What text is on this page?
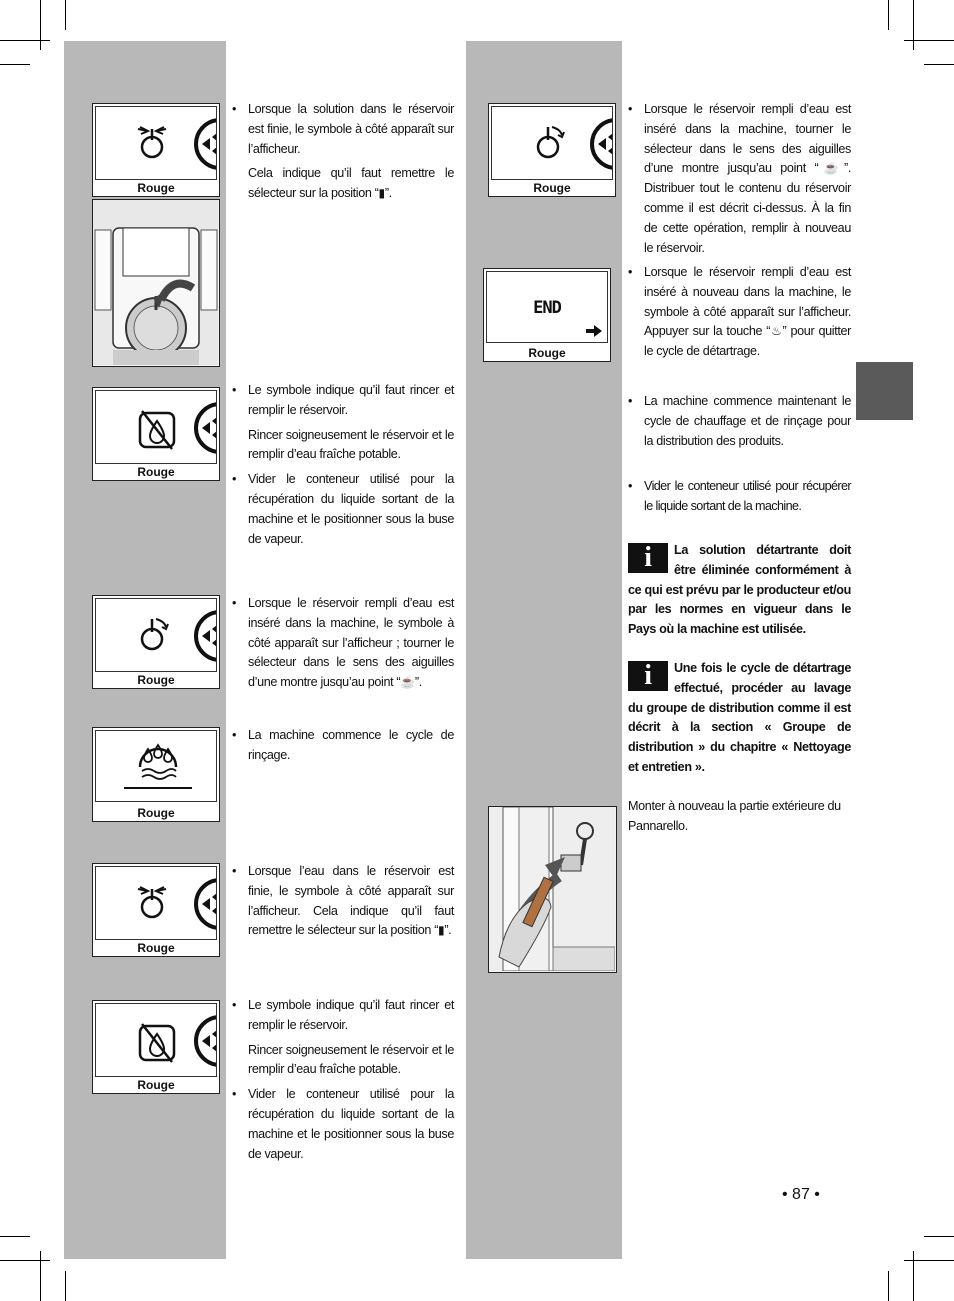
Rouge
• Lorsque la solution dans le réservoir est finie, le symbole à côté apparaît sur l’afficheur.

Cela indique qu’il faut remettre le sélecteur sur la position “▮”.

Rouge
• Le symbole indique qu’il faut rincer et remplir le réservoir.

Rincer soigneusement le réservoir et le remplir d’eau fraîche potable.

• Vider le conteneur utilisé pour la récupération du liquide sortant de la machine et le positionner sous la buse de vapeur.
Rouge
• Lorsque le réservoir rempli d’eau est inséré dans la machine, le symbole à côté apparaît sur l’afficheur ; tourner le sélecteur dans le sens des aiguilles d’une montre jusqu’au point “☕”.
Rouge
• La machine commence le cycle de rinçage.
Rouge
• Lorsque l’eau dans le réservoir est finie, le symbole à côté apparaît sur l’afficheur. Cela indique qu’il faut remettre le sélecteur sur la position “▮”.
Rouge
• Le symbole indique qu’il faut rincer et remplir le réservoir.

Rincer soigneusement le réservoir et le remplir d’eau fraîche potable.

• Vider le conteneur utilisé pour la récupération du liquide sortant de la machine et le positionner sous la buse de vapeur.
Rouge
END
Rouge
• Lorsque le réservoir rempli d’eau est inséré dans la machine, tourner le sélecteur dans le sens des aiguilles d’une montre jusqu’au point “☕”. Distribuer tout le contenu du réservoir comme il est décrit ci-dessus. À la fin de cette opération, remplir à nouveau le réservoir.
• Lorsque le réservoir rempli d’eau est inséré à nouveau dans la machine, le symbole à côté apparaît sur l’afficheur. Appuyer sur la touche “♨” pour quitter le cycle de détartrage.
• La machine commence maintenant le cycle de chauffage et de rinçage pour la distribution des produits.
• Vider le conteneur utilisé pour récupérer le liquide sortant de la machine.
i	La solution détartrante doit être éliminée conformément à ce qui est prévu par le producteur et/ou par les normes en vigueur dans le Pays où la machine est utilisée.
i	Une fois le cycle de détartrage effectué, procéder au lavage du groupe de distribution comme il est décrit à la section « Groupe de distribution » du chapitre « Nettoyage et entretien ».

Monter à nouveau la partie extérieure du Pannarello.

• 87 •
